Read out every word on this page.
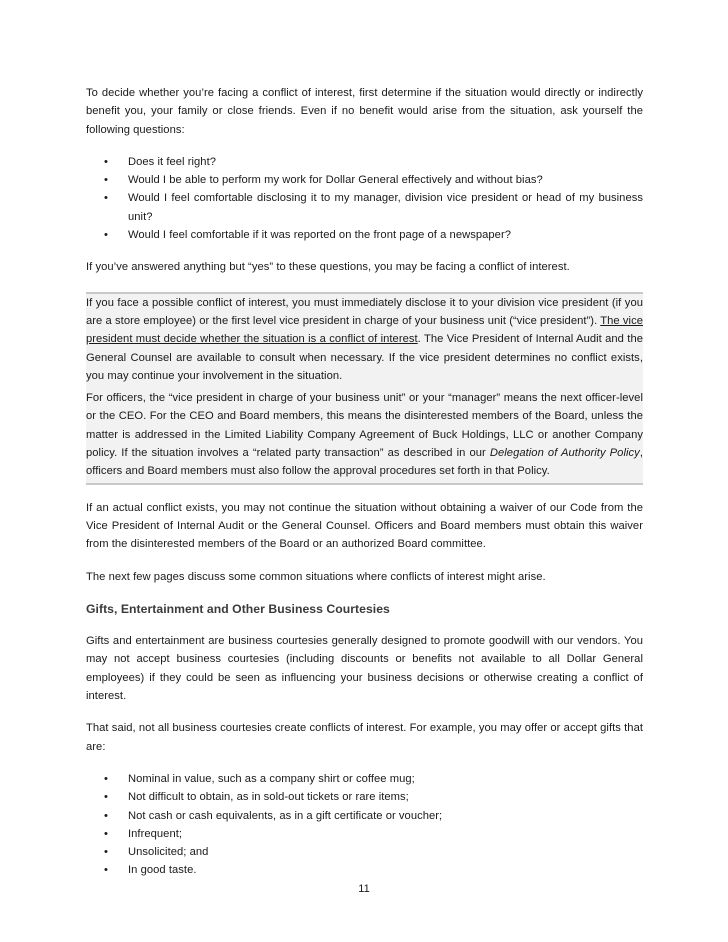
To decide whether you’re facing a conflict of interest, first determine if the situation would directly or indirectly benefit you, your family or close friends. Even if no benefit would arise from the situation, ask yourself the following questions:

• Does it feel right?
• Would I be able to perform my work for Dollar General effectively and without bias?
• Would I feel comfortable disclosing it to my manager, division vice president or head of my business unit?
• Would I feel comfortable if it was reported on the front page of a newspaper?

If you’ve answered anything but “yes” to these questions, you may be facing a conflict of interest.

If you face a possible conflict of interest, you must immediately disclose it to your division vice president (if you are a store employee) or the first level vice president in charge of your business unit (“vice president”). The vice president must decide whether the situation is a conflict of interest. The Vice President of Internal Audit and the General Counsel are available to consult when necessary. If the vice president determines no conflict exists, you may continue your involvement in the situation.

For officers, the “vice president in charge of your business unit” or your “manager” means the next officer-level or the CEO. For the CEO and Board members, this means the disinterested members of the Board, unless the matter is addressed in the Limited Liability Company Agreement of Buck Holdings, LLC or another Company policy. If the situation involves a “related party transaction” as described in our Delegation of Authority Policy, officers and Board members must also follow the approval procedures set forth in that Policy.

If an actual conflict exists, you may not continue the situation without obtaining a waiver of our Code from the Vice President of Internal Audit or the General Counsel. Officers and Board members must obtain this waiver from the disinterested members of the Board or an authorized Board committee.

The next few pages discuss some common situations where conflicts of interest might arise.

Gifts, Entertainment and Other Business Courtesies

Gifts and entertainment are business courtesies generally designed to promote goodwill with our vendors. You may not accept business courtesies (including discounts or benefits not available to all Dollar General employees) if they could be seen as influencing your business decisions or otherwise creating a conflict of interest.

That said, not all business courtesies create conflicts of interest. For example, you may offer or accept gifts that are:

• Nominal in value, such as a company shirt or coffee mug;
• Not difficult to obtain, as in sold-out tickets or rare items;
• Not cash or cash equivalents, as in a gift certificate or voucher;
• Infrequent;
• Unsolicited; and
• In good taste.
11
